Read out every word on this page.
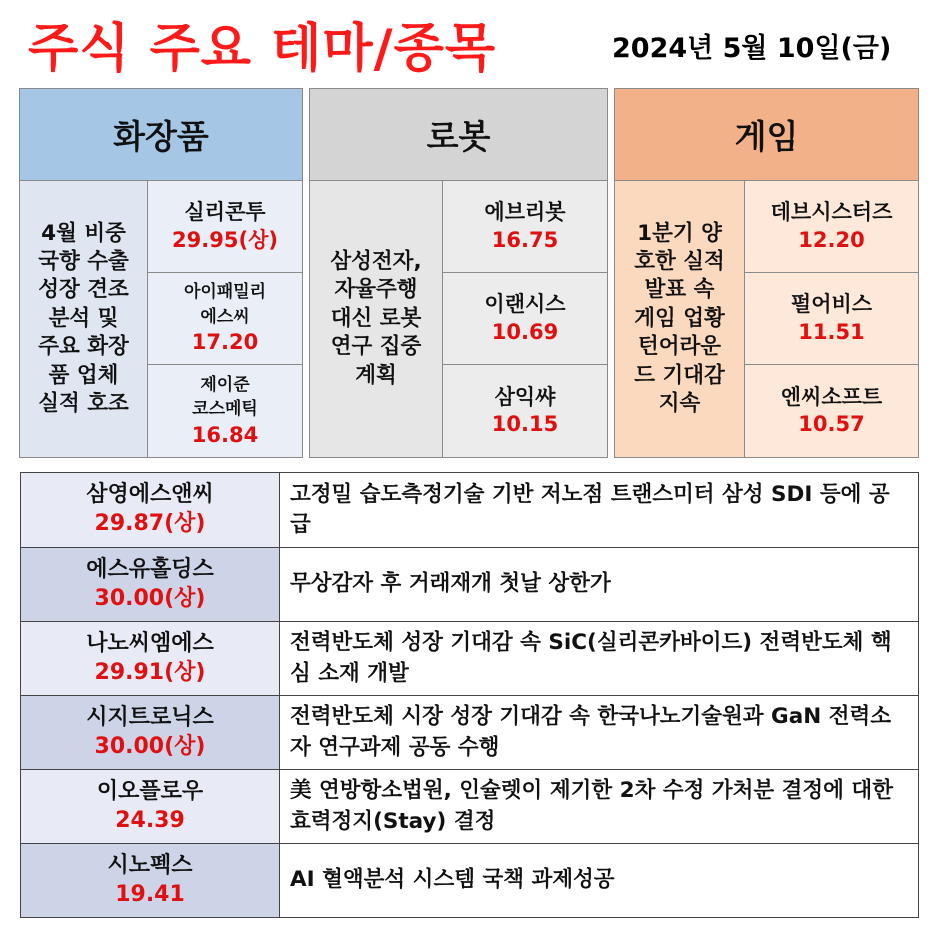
주식 주요 테마/종목	2024년 5월 10일(금)
화장품
4월 비중
국향 수출
성장 견조
분석 및
주요 화장
품 업체
실적 호조
실리콘투
29.95(상)
아이패밀리
에스씨
17.20
제이준
코스메틱
16.84
로봇
삼성전자,
자율주행
대신 로봇
연구 집중
계획
에브리봇
16.75
이랜시스
10.69
삼익쌰
10.15
게임
1분기 양
호한 실적
발표 속
게임 업황
턴어라운
드 기대감
지속
데브시스터즈
12.20
펄어비스
11.51
엔씨소프트
10.57
삼영에스앤씨
29.87(상)
고정밀 습도측정기술 기반 저노점 트랜스미터 삼성 SDI 등에 공급
에스유홀딩스
30.00(상)
무상감자 후 거래재개 첫날 상한가
나노씨엠에스
29.91(상)
전력반도체 성장 기대감 속 SiC(실리콘카바이드) 전력반도체 핵심 소재 개발
시지트로닉스
30.00(상)
전력반도체 시장 성장 기대감 속 한국나노기술원과 GaN 전력소자 연구과제 공동 수행
이오플로우
24.39
美 연방항소법원, 인슐렛이 제기한 2차 수정 가처분 결정에 대한 효력정지(Stay) 결정
시노펙스
19.41
AI 혈액분석 시스템 국책 과제성공
